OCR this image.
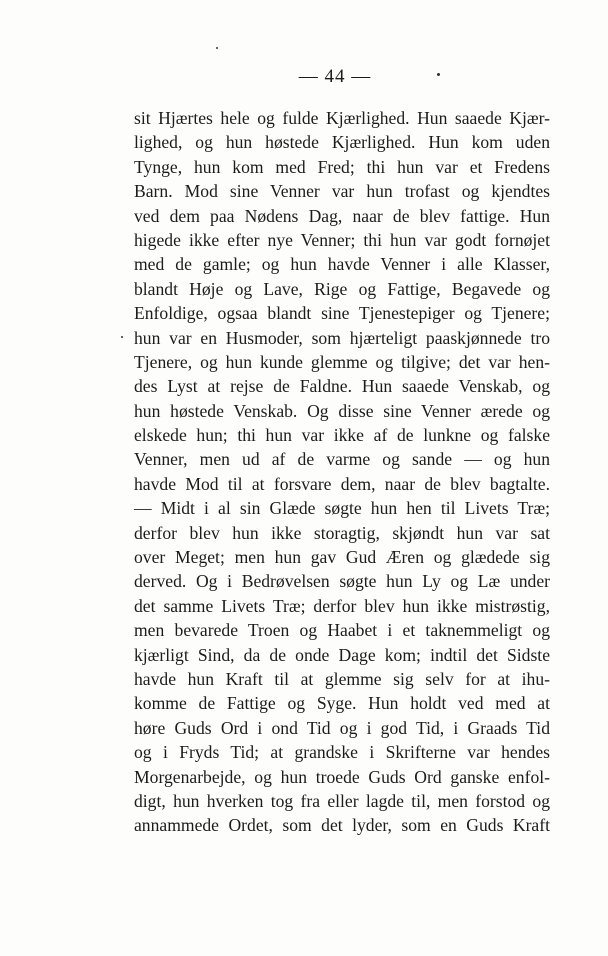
— 44 —
sit Hjærtes hele og fulde Kjærlighed. Hun saaede Kjær-
lighed, og hun høstede Kjærlighed. Hun kom uden
Tynge, hun kom med Fred; thi hun var et Fredens
Barn. Mod sine Venner var hun trofast og kjendtes
ved dem paa Nødens Dag, naar de blev fattige. Hun
higede ikke efter nye Venner; thi hun var godt fornøjet
med de gamle; og hun havde Venner i alle Klasser,
blandt Høje og Lave, Rige og Fattige, Begavede og
Enfoldige, ogsaa blandt sine Tjenestepiger og Tjenere;
hun var en Husmoder, som hjærteligt paaskjønnede tro
Tjenere, og hun kunde glemme og tilgive; det var hen-
des Lyst at rejse de Faldne. Hun saaede Venskab, og
hun høstede Venskab. Og disse sine Venner ærede og
elskede hun; thi hun var ikke af de lunkne og falske
Venner, men ud af de varme og sande — og hun
havde Mod til at forsvare dem, naar de blev bagtalte.
— Midt i al sin Glæde søgte hun hen til Livets Træ;
derfor blev hun ikke storagtig, skjøndt hun var sat
over Meget; men hun gav Gud Æren og glædede sig
derved. Og i Bedrøvelsen søgte hun Ly og Læ under
det samme Livets Træ; derfor blev hun ikke mistrøstig,
men bevarede Troen og Haabet i et taknemmeligt og
kjærligt Sind, da de onde Dage kom; indtil det Sidste
havde hun Kraft til at glemme sig selv for at ihu-
komme de Fattige og Syge. Hun holdt ved med at
høre Guds Ord i ond Tid og i god Tid, i Graads Tid
og i Fryds Tid; at grandske i Skrifterne var hendes
Morgenarbejde, og hun troede Guds Ord ganske enfol-
digt, hun hverken tog fra eller lagde til, men forstod og
annammede Ordet, som det lyder, som en Guds Kraft
